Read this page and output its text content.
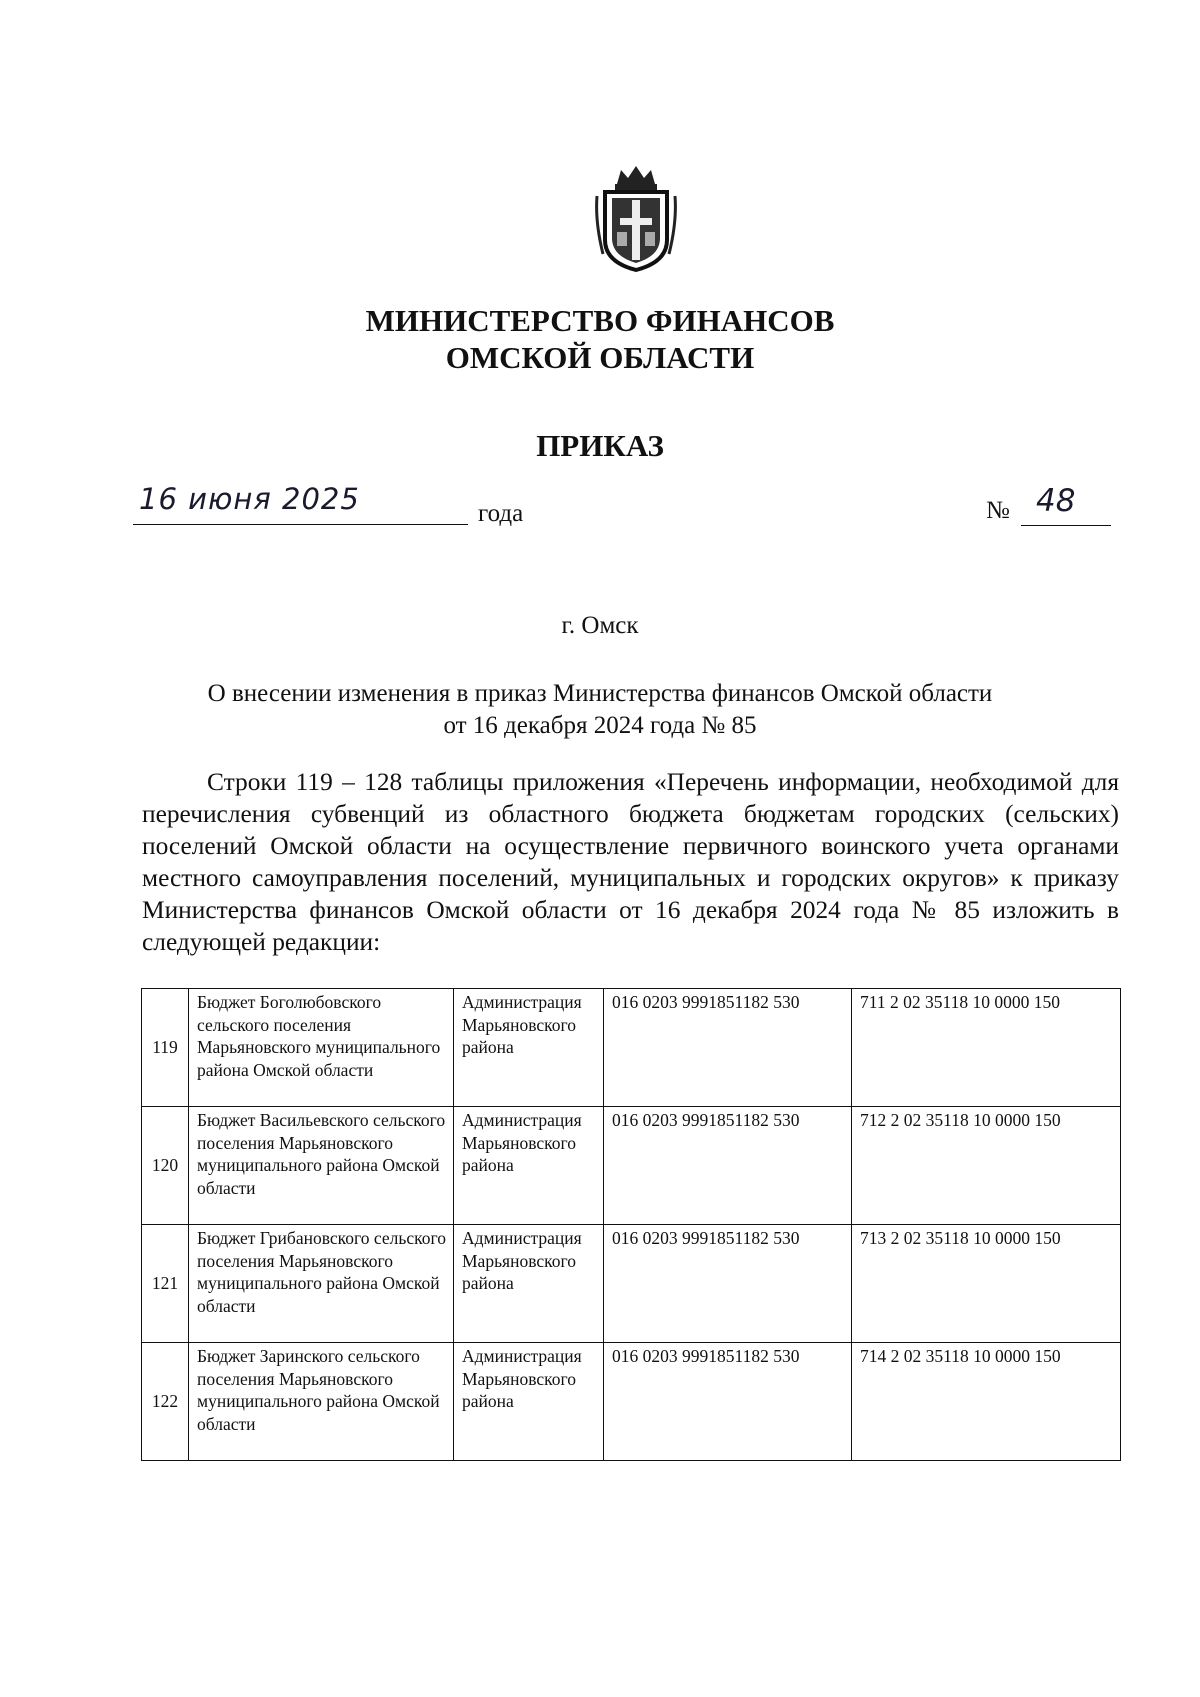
МИНИСТЕРСТВО ФИНАНСОВ
ОМСКОЙ ОБЛАСТИ
ПРИКАЗ
16 июня 2025	года	№ 48
г. Омск
О внесении изменения в приказ Министерства финансов Омской области
от 16 декабря 2024 года № 85
Строки 119 – 128 таблицы приложения «Перечень информации, необходимой для перечисления субвенций из областного бюджета бюджетам городских (сельских) поселений Омской области на осуществление первичного воинского учета органами местного самоуправления поселений, муниципальных и городских округов» к приказу Министерства финансов Омской области от 16 декабря 2024 года № 85 изложить в следующей редакции:
119	Бюджет Боголюбовского сельского поселения Марьяновского муниципального района Омской области	Администрация Марьяновского района	016 0203 9991851182 530	711 2 02 35118 10 0000 150
120	Бюджет Васильевского сельского поселения Марьяновского муниципального района Омской области	Администрация Марьяновского района	016 0203 9991851182 530	712 2 02 35118 10 0000 150
121	Бюджет Грибановского сельского поселения Марьяновского муниципального района Омской области	Администрация Марьяновского района	016 0203 9991851182 530	713 2 02 35118 10 0000 150
122	Бюджет Заринского сельского поселения Марьяновского муниципального района Омской области	Администрация Марьяновского района	016 0203 9991851182 530	714 2 02 35118 10 0000 150
